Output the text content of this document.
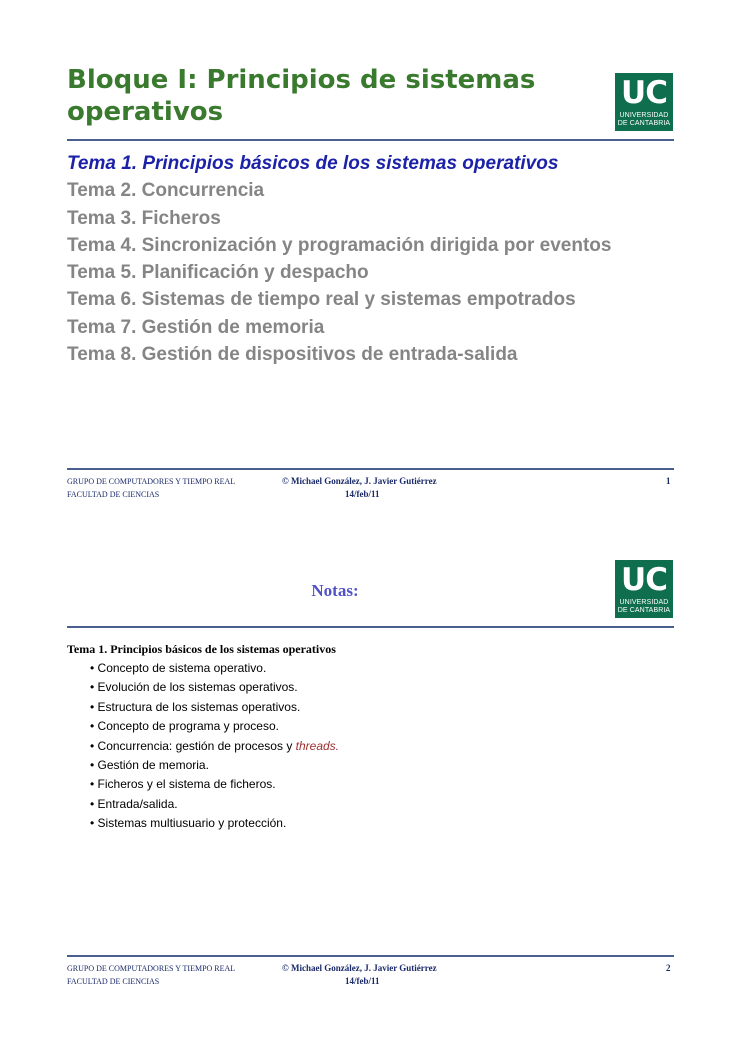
Bloque I: Principios de sistemas operativos
UC
UNIVERSIDAD
DE CANTABRIA
Tema 1. Principios básicos de los sistemas operativos
Tema 2. Concurrencia
Tema 3. Ficheros
Tema 4. Sincronización y programación dirigida por eventos
Tema 5. Planificación y despacho
Tema 6. Sistemas de tiempo real y sistemas empotrados
Tema 7. Gestión de memoria
Tema 8. Gestión de dispositivos de entrada-salida
GRUPO DE COMPUTADORES Y TIEMPO REAL
FACULTAD DE CIENCIAS
© Michael González, J. Javier Gutiérrez
14/feb/11
1
UC
UNIVERSIDAD
DE CANTABRIA
Notas:
Tema 1. Principios básicos de los sistemas operativos
• Concepto de sistema operativo.
• Evolución de los sistemas operativos.
• Estructura de los sistemas operativos.
• Concepto de programa y proceso.
• Concurrencia: gestión de procesos y threads.
• Gestión de memoria.
• Ficheros y el sistema de ficheros.
• Entrada/salida.
• Sistemas multiusuario y protección.
GRUPO DE COMPUTADORES Y TIEMPO REAL
FACULTAD DE CIENCIAS
© Michael González, J. Javier Gutiérrez
14/feb/11
2
